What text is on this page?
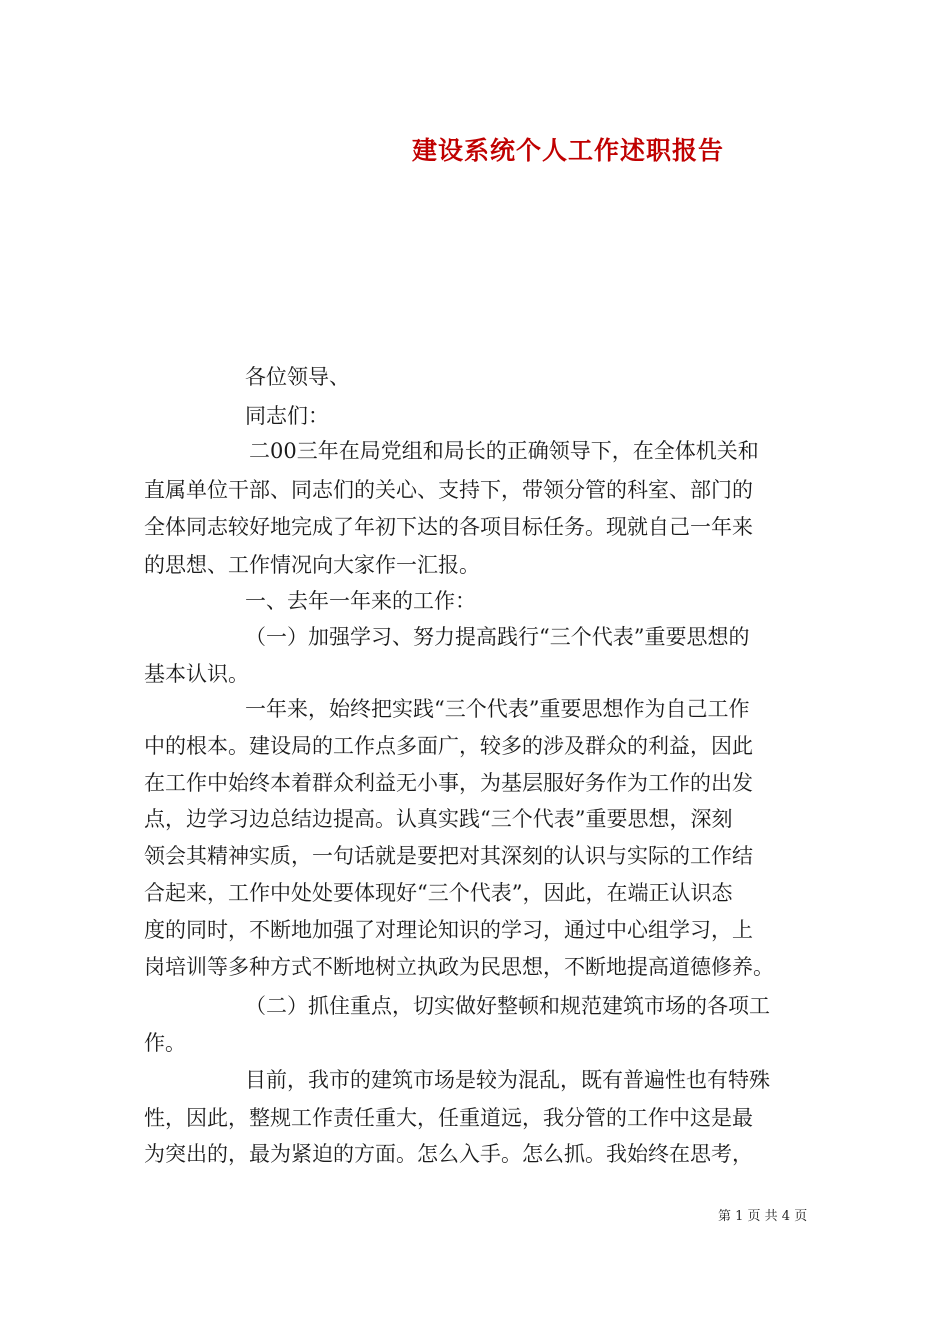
建设系统个人工作述职报告
各位领导、
同志们：
二00三年在局党组和局长的正确领导下，在全体机关和
直属单位干部、同志们的关心、支持下，带领分管的科室、部门的
全体同志较好地完成了年初下达的各项目标任务。现就自己一年来
的思想、工作情况向大家作一汇报。
一、去年一年来的工作：
（一）加强学习、努力提高践行“三个代表”重要思想的
基本认识。
一年来，始终把实践“三个代表”重要思想作为自己工作
中的根本。建设局的工作点多面广，较多的涉及群众的利益，因此
在工作中始终本着群众利益无小事，为基层服好务作为工作的出发
点，边学习边总结边提高。认真实践“三个代表”重要思想，深刻
领会其精神实质，一句话就是要把对其深刻的认识与实际的工作结
合起来，工作中处处要体现好“三个代表”，因此，在端正认识态
度的同时，不断地加强了对理论知识的学习，通过中心组学习，上
岗培训等多种方式不断地树立执政为民思想，不断地提高道德修养。
（二）抓住重点，切实做好整顿和规范建筑市场的各项工
作。
目前，我市的建筑市场是较为混乱，既有普遍性也有特殊
性，因此，整规工作责任重大，任重道远，我分管的工作中这是最
为突出的，最为紧迫的方面。怎么入手。怎么抓。我始终在思考，
第 1 页 共 4 页
